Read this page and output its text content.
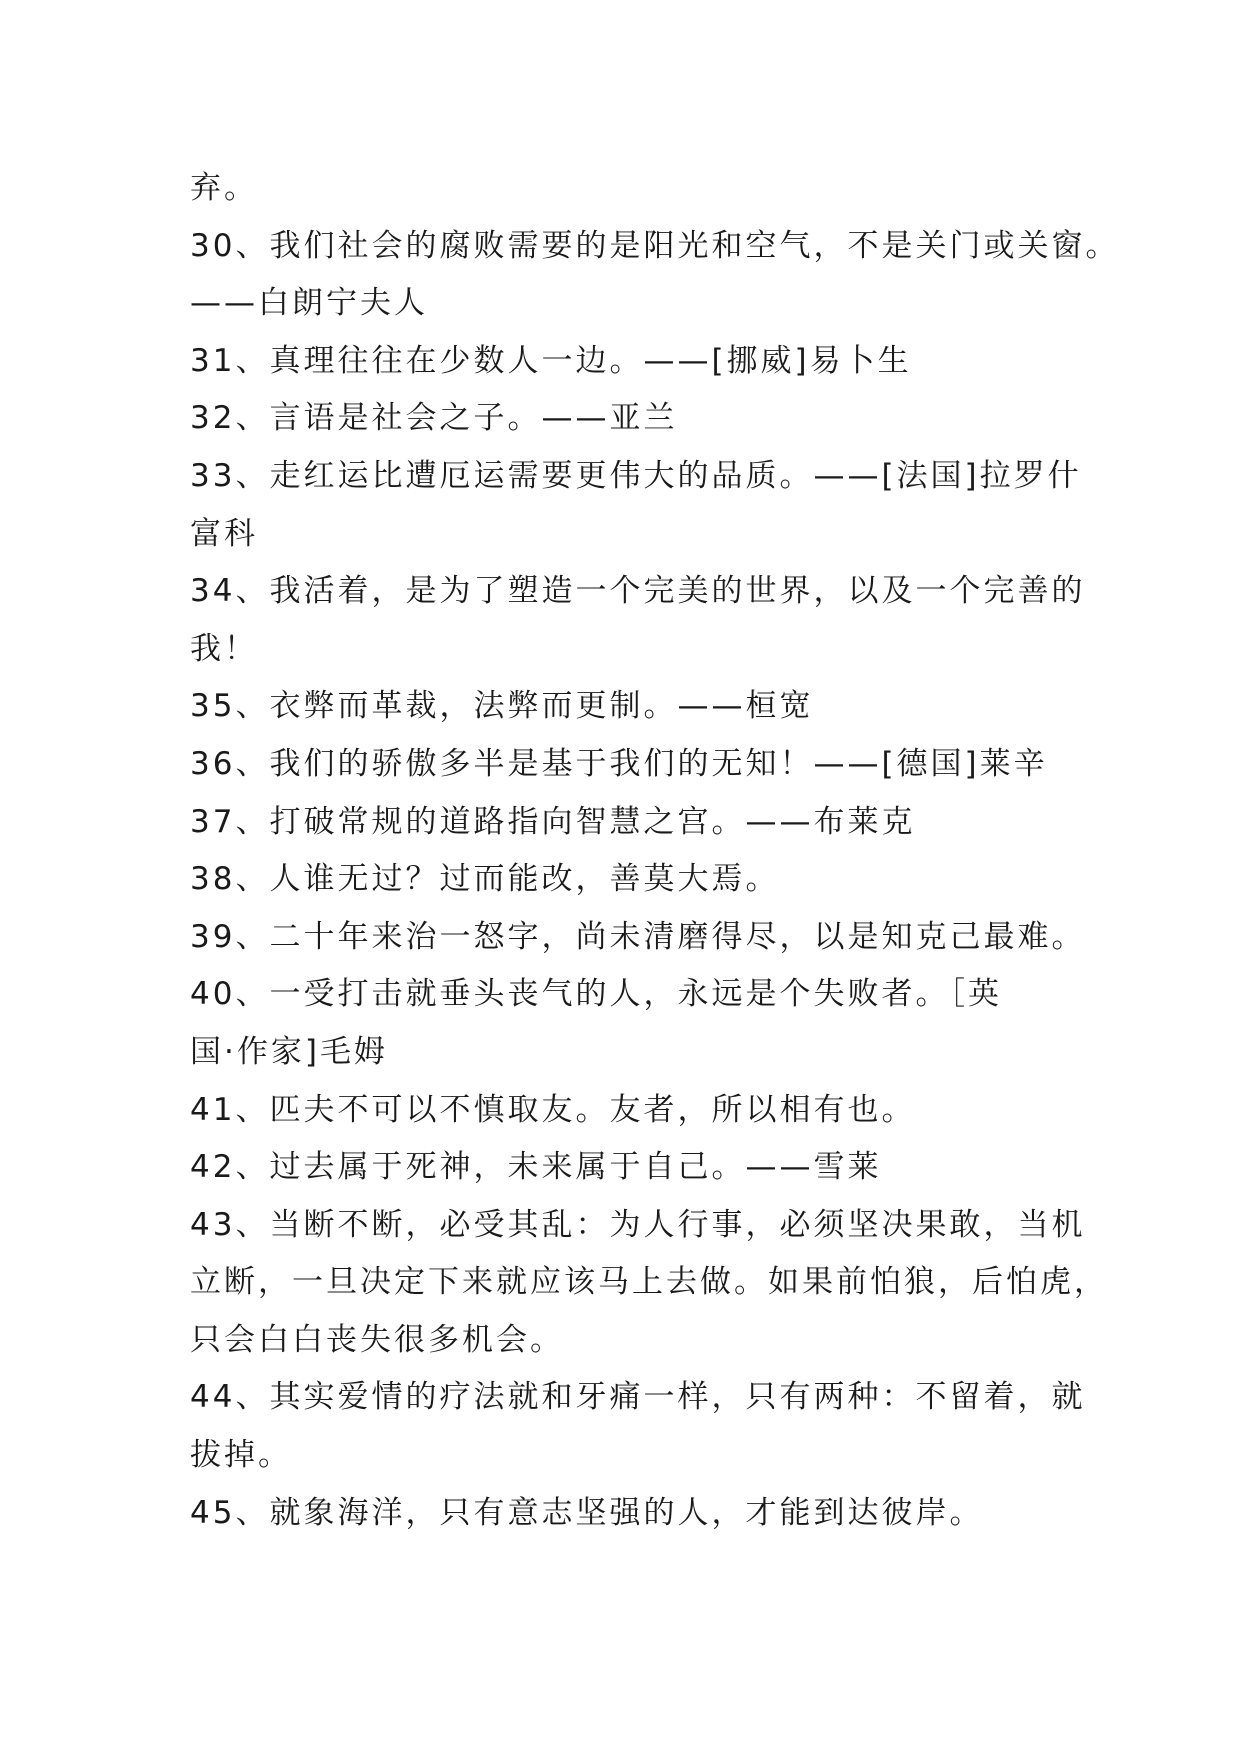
弃。
30、我们社会的腐败需要的是阳光和空气，不是关门或关窗。
——白朗宁夫人
31、真理往往在少数人一边。——[挪威]易卜生
32、言语是社会之子。——亚兰
33、走红运比遭厄运需要更伟大的品质。——[法国]拉罗什
富科
34、我活着，是为了塑造一个完美的世界，以及一个完善的
我！
35、衣弊而革裁，法弊而更制。——桓宽
36、我们的骄傲多半是基于我们的无知！——[德国]莱辛
37、打破常规的道路指向智慧之宫。——布莱克
38、人谁无过？过而能改，善莫大焉。
39、二十年来治一怒字，尚未清磨得尽，以是知克己最难。
40、一受打击就垂头丧气的人，永远是个失败者。［英
国·作家]毛姆
41、匹夫不可以不慎取友。友者，所以相有也。
42、过去属于死神，未来属于自己。——雪莱
43、当断不断，必受其乱：为人行事，必须坚决果敢，当机
立断，一旦决定下来就应该马上去做。如果前怕狼，后怕虎，
只会白白丧失很多机会。
44、其实爱情的疗法就和牙痛一样，只有两种：不留着，就
拔掉。
45、就象海洋，只有意志坚强的人，才能到达彼岸。
